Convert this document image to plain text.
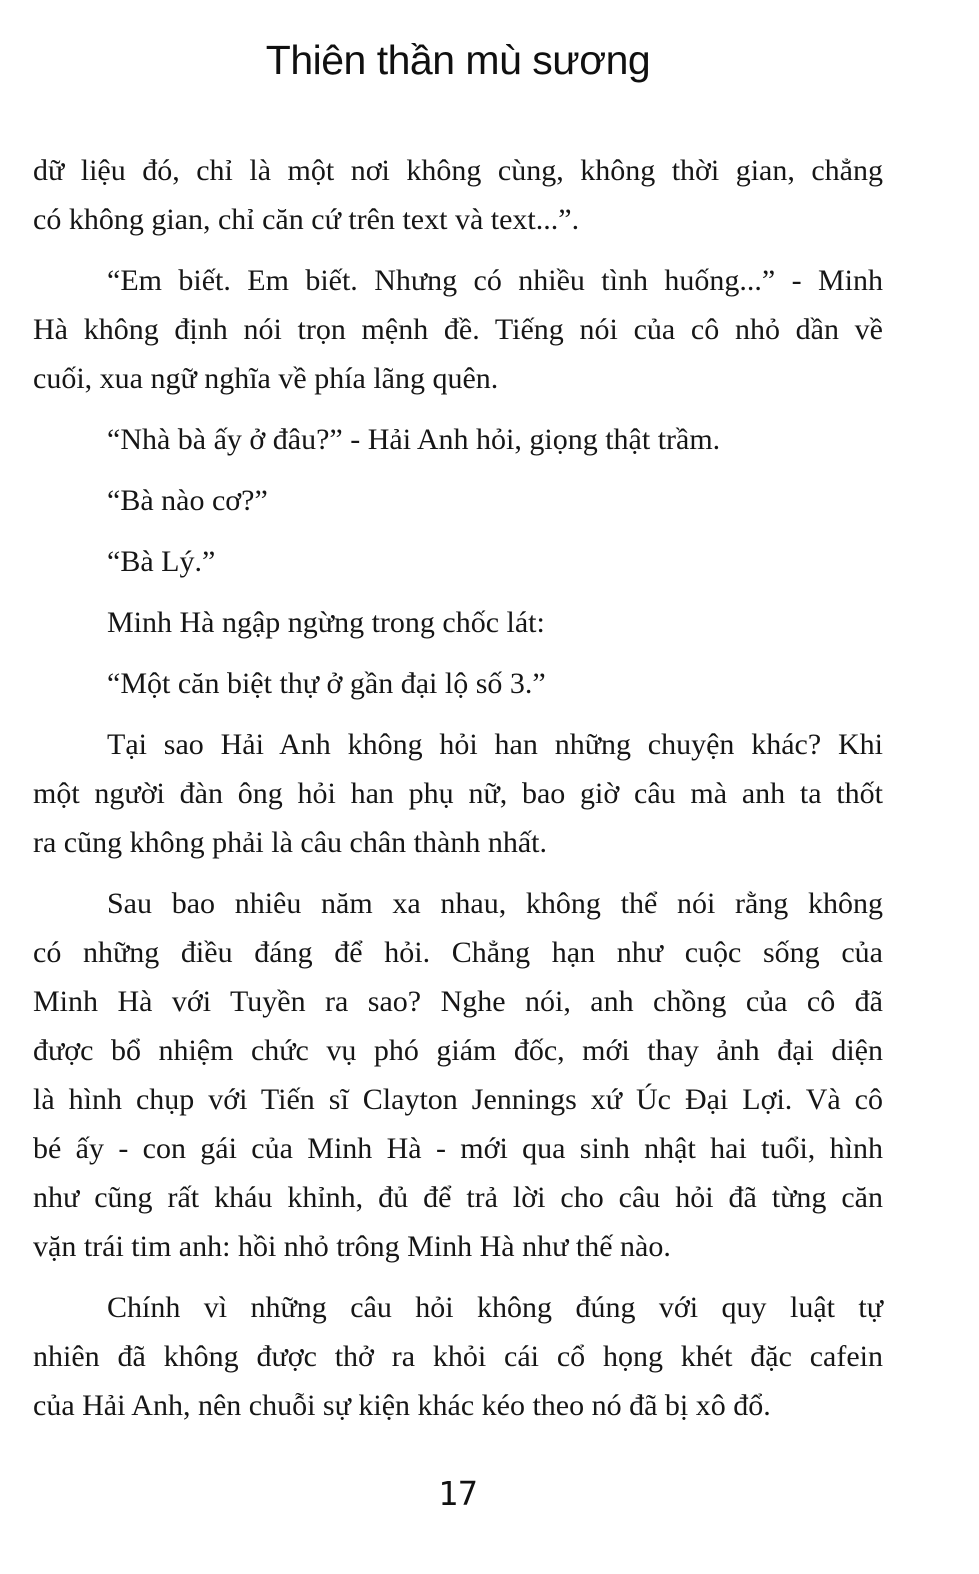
Thiên thần mù sương

dữ liệu đó, chỉ là một nơi không cùng, không thời gian, chẳng
có không gian, chỉ căn cứ trên text và text...”.

“Em biết. Em biết. Nhưng có nhiều tình huống...” - Minh
Hà không định nói trọn mệnh đề. Tiếng nói của cô nhỏ dần về
cuối, xua ngữ nghĩa về phía lãng quên.

“Nhà bà ấy ở đâu?” - Hải Anh hỏi, giọng thật trầm.

“Bà nào cơ?”

“Bà Lý.”

Minh Hà ngập ngừng trong chốc lát:

“Một căn biệt thự ở gần đại lộ số 3.”

Tại sao Hải Anh không hỏi han những chuyện khác? Khi
một người đàn ông hỏi han phụ nữ, bao giờ câu mà anh ta thốt
ra cũng không phải là câu chân thành nhất.

Sau bao nhiêu năm xa nhau, không thể nói rằng không
có những điều đáng để hỏi. Chẳng hạn như cuộc sống của
Minh Hà với Tuyền ra sao? Nghe nói, anh chồng của cô đã
được bổ nhiệm chức vụ phó giám đốc, mới thay ảnh đại diện
là hình chụp với Tiến sĩ Clayton Jennings xứ Úc Đại Lợi. Và cô
bé ấy - con gái của Minh Hà - mới qua sinh nhật hai tuổi, hình
như cũng rất kháu khỉnh, đủ để trả lời cho câu hỏi đã từng căn
vặn trái tim anh: hồi nhỏ trông Minh Hà như thế nào.

Chính vì những câu hỏi không đúng với quy luật tự
nhiên đã không được thở ra khỏi cái cổ họng khét đặc cafein
của Hải Anh, nên chuỗi sự kiện khác kéo theo nó đã bị xô đổ.

17
